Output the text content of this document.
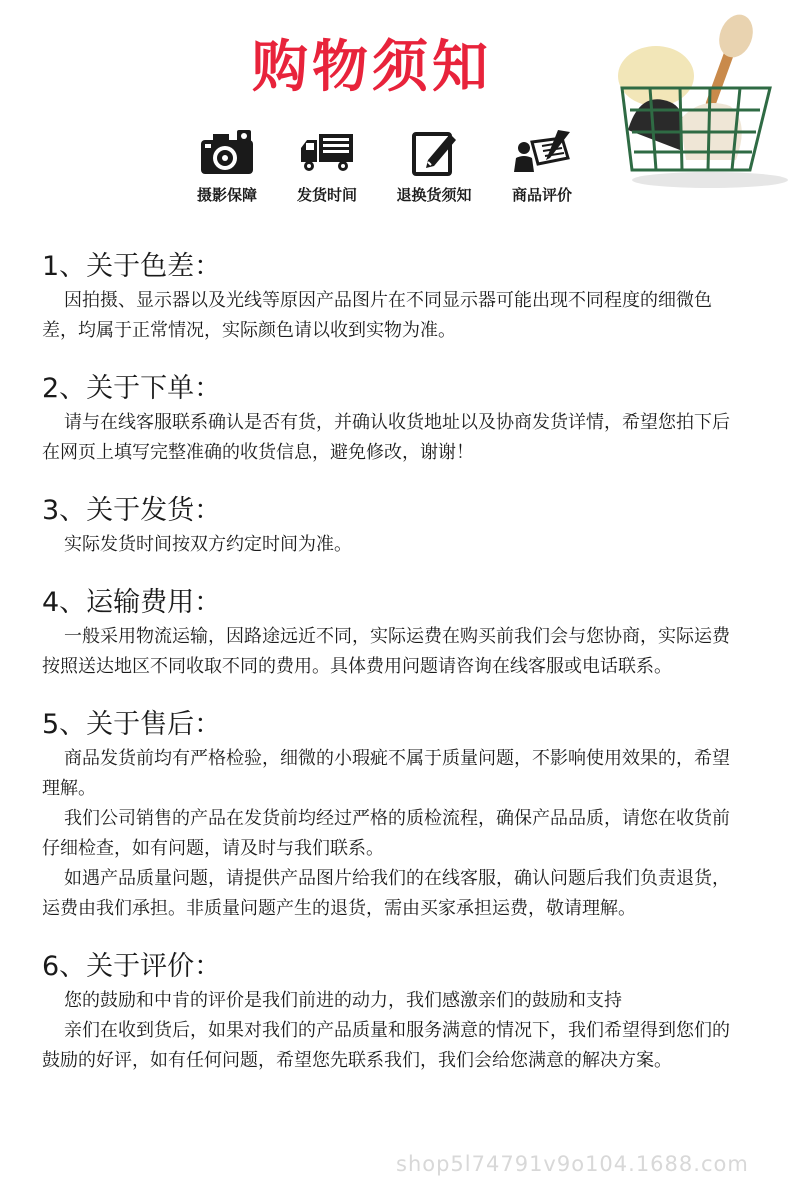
购物须知
摄影保障	发货时间	退换货须知	商品评价
1、关于色差：

因拍摄、显示器以及光线等原因产品图片在不同显示器可能出现不同程度的细微色差，均属于正常情况，实际颜色请以收到实物为准。

2、关于下单：

请与在线客服联系确认是否有货，并确认收货地址以及协商发货详情，希望您拍下后在网页上填写完整准确的收货信息，避免修改，谢谢！

3、关于发货：

实际发货时间按双方约定时间为准。

4、运输费用：

一般采用物流运输，因路途远近不同，实际运费在购买前我们会与您协商，实际运费按照送达地区不同收取不同的费用。具体费用问题请咨询在线客服或电话联系。

5、关于售后：

商品发货前均有严格检验，细微的小瑕疵不属于质量问题，不影响使用效果的，希望理解。

我们公司销售的产品在发货前均经过严格的质检流程，确保产品品质，请您在收货前仔细检查，如有问题，请及时与我们联系。

如遇产品质量问题，请提供产品图片给我们的在线客服，确认问题后我们负责退货，运费由我们承担。非质量问题产生的退货，需由买家承担运费，敬请理解。

6、关于评价：

您的鼓励和中肯的评价是我们前进的动力，我们感激亲们的鼓励和支持

亲们在收到货后，如果对我们的产品质量和服务满意的情况下，我们希望得到您们的鼓励的好评，如有任何问题，希望您先联系我们，我们会给您满意的解决方案。

shop5l74791v9o104.1688.com
